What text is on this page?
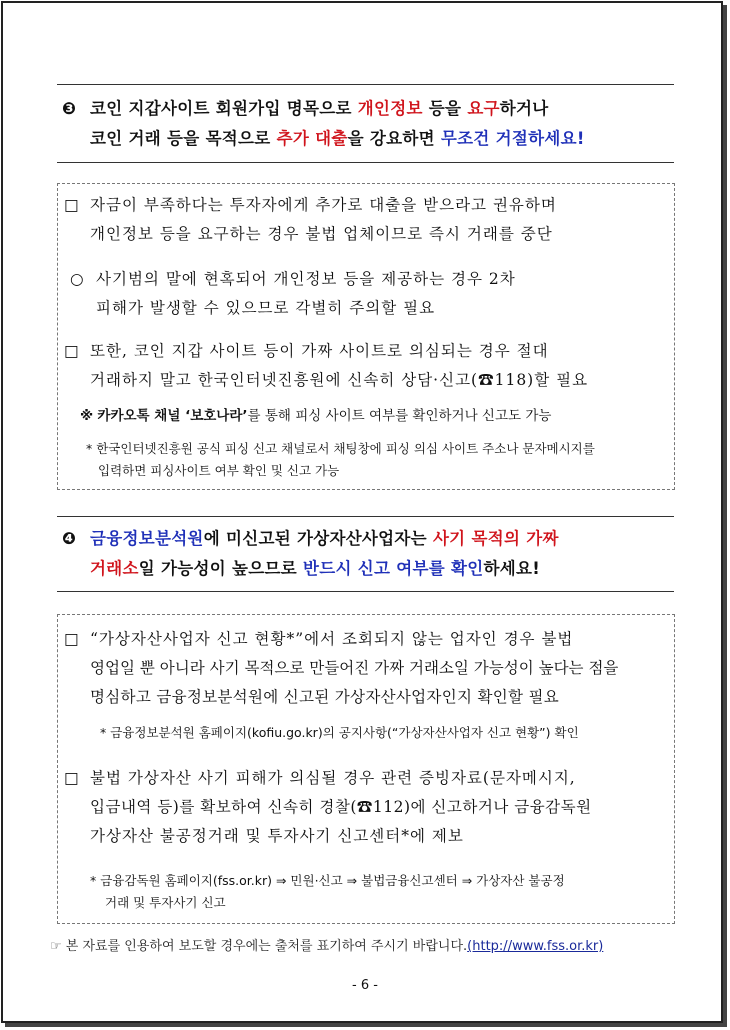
❸ 코인 지갑사이트 회원가입 명목으로 개인정보 등을 요구하거나
코인 거래 등을 목적으로 추가 대출을 강요하면 무조건 거절하세요!
□ 자금이 부족하다는 투자자에게 추가로 대출을 받으라고 권유하며
개인정보 등을 요구하는 경우 불법 업체이므로 즉시 거래를 중단
○ 사기범의 말에 현혹되어 개인정보 등을 제공하는 경우 2차
피해가 발생할 수 있으므로 각별히 주의할 필요
□ 또한, 코인 지갑 사이트 등이 가짜 사이트로 의심되는 경우 절대
거래하지 말고 한국인터넷진흥원에 신속히 상담·신고(☎118)할 필요
※ 카카오톡 채널 ‘보호나라’를 통해 피싱 사이트 여부를 확인하거나 신고도 가능
* 한국인터넷진흥원 공식 피싱 신고 채널로서 채팅창에 피싱 의심 사이트 주소나 문자메시지를
입력하면 피싱사이트 여부 확인 및 신고 가능
❹ 금융정보분석원에 미신고된 가상자산사업자는 사기 목적의 가짜
거래소일 가능성이 높으므로 반드시 신고 여부를 확인하세요!
□ “가상자산사업자 신고 현황*”에서 조회되지 않는 업자인 경우 불법
영업일 뿐 아니라 사기 목적으로 만들어진 가짜 거래소일 가능성이 높다는 점을
명심하고 금융정보분석원에 신고된 가상자산사업자인지 확인할 필요
* 금융정보분석원 홈페이지(kofiu.go.kr)의 공지사항(“가상자산사업자 신고 현황”) 확인
□ 불법 가상자산 사기 피해가 의심될 경우 관련 증빙자료(문자메시지,
입금내역 등)를 확보하여 신속히 경찰(☎112)에 신고하거나 금융감독원
가상자산 불공정거래 및 투자사기 신고센터*에 제보
* 금융감독원 홈페이지(fss.or.kr) ⇒ 민원·신고 ⇒ 불법금융신고센터 ⇒ 가상자산 불공정
거래 및 투자사기 신고
☞ 본 자료를 인용하여 보도할 경우에는 출처를 표기하여 주시기 바랍니다.(http://www.fss.or.kr)
- 6 -
